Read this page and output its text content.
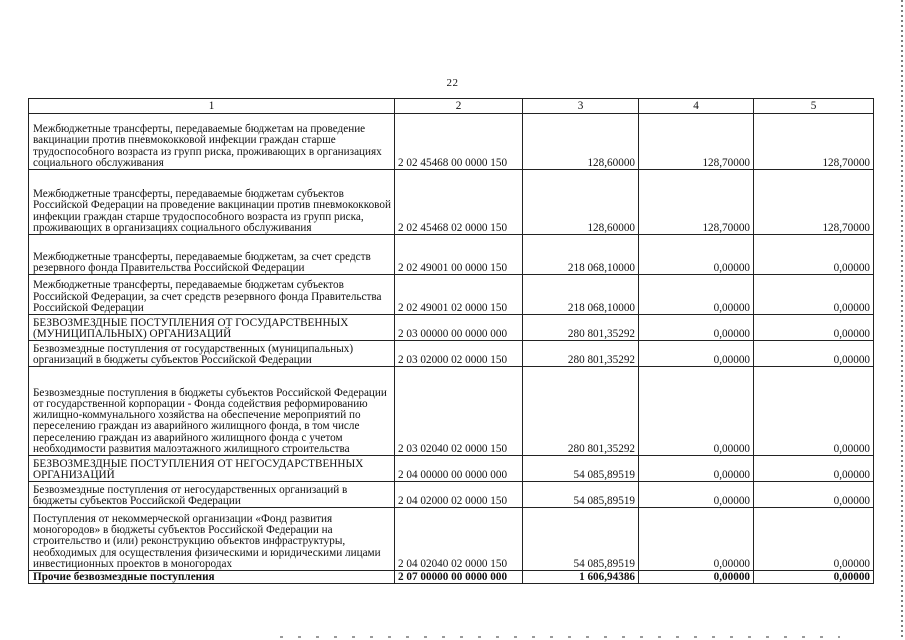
22
1	2	3	4	5
Межбюджетные трансферты, передаваемые бюджетам на проведение вакцинации против пневмококковой инфекции граждан старше трудоспособного возраста из групп риска, проживающих в организациях социального обслуживания	2 02 45468 00 0000 150	128,60000	128,70000	128,70000
Межбюджетные трансферты, передаваемые бюджетам субъектов Российской Федерации на проведение вакцинации против пневмококковой инфекции граждан старше трудоспособного возраста из групп риска, проживающих в организациях социального обслуживания	2 02 45468 02 0000 150	128,60000	128,70000	128,70000
Межбюджетные трансферты, передаваемые бюджетам, за счет средств резервного фонда Правительства Российской Федерации	2 02 49001 00 0000 150	218 068,10000	0,00000	0,00000
Межбюджетные трансферты, передаваемые бюджетам субъектов Российской Федерации, за счет средств резервного фонда Правительства Российской Федерации	2 02 49001 02 0000 150	218 068,10000	0,00000	0,00000
БЕЗВОЗМЕЗДНЫЕ ПОСТУПЛЕНИЯ ОТ ГОСУДАРСТВЕННЫХ (МУНИЦИПАЛЬНЫХ) ОРГАНИЗАЦИЙ	2 03 00000 00 0000 000	280 801,35292	0,00000	0,00000
Безвозмездные поступления от государственных (муниципальных) организаций в бюджеты субъектов Российской Федерации	2 03 02000 02 0000 150	280 801,35292	0,00000	0,00000
Безвозмездные поступления в бюджеты субъектов Российской Федерации от государственной корпорации - Фонда содействия реформированию жилищно-коммунального хозяйства на обеспечение мероприятий по переселению граждан из аварийного жилищного фонда, в том числе переселению граждан из аварийного жилищного фонда с учетом необходимости развития малоэтажного жилищного строительства	2 03 02040 02 0000 150	280 801,35292	0,00000	0,00000
БЕЗВОЗМЕЗДНЫЕ ПОСТУПЛЕНИЯ ОТ НЕГОСУДАРСТВЕННЫХ ОРГАНИЗАЦИЙ	2 04 00000 00 0000 000	54 085,89519	0,00000	0,00000
Безвозмездные поступления от негосударственных организаций в бюджеты субъектов Российской Федерации	2 04 02000 02 0000 150	54 085,89519	0,00000	0,00000
Поступления от некоммерческой организации «Фонд развития моногородов» в бюджеты субъектов Российской Федерации на строительство и (или) реконструкцию объектов инфраструктуры, необходимых для осуществления физическими и юридическими лицами инвестиционных проектов в моногородах	2 04 02040 02 0000 150	54 085,89519	0,00000	0,00000
Прочие безвозмездные поступления	2 07 00000 00 0000 000	1 606,94386	0,00000	0,00000
